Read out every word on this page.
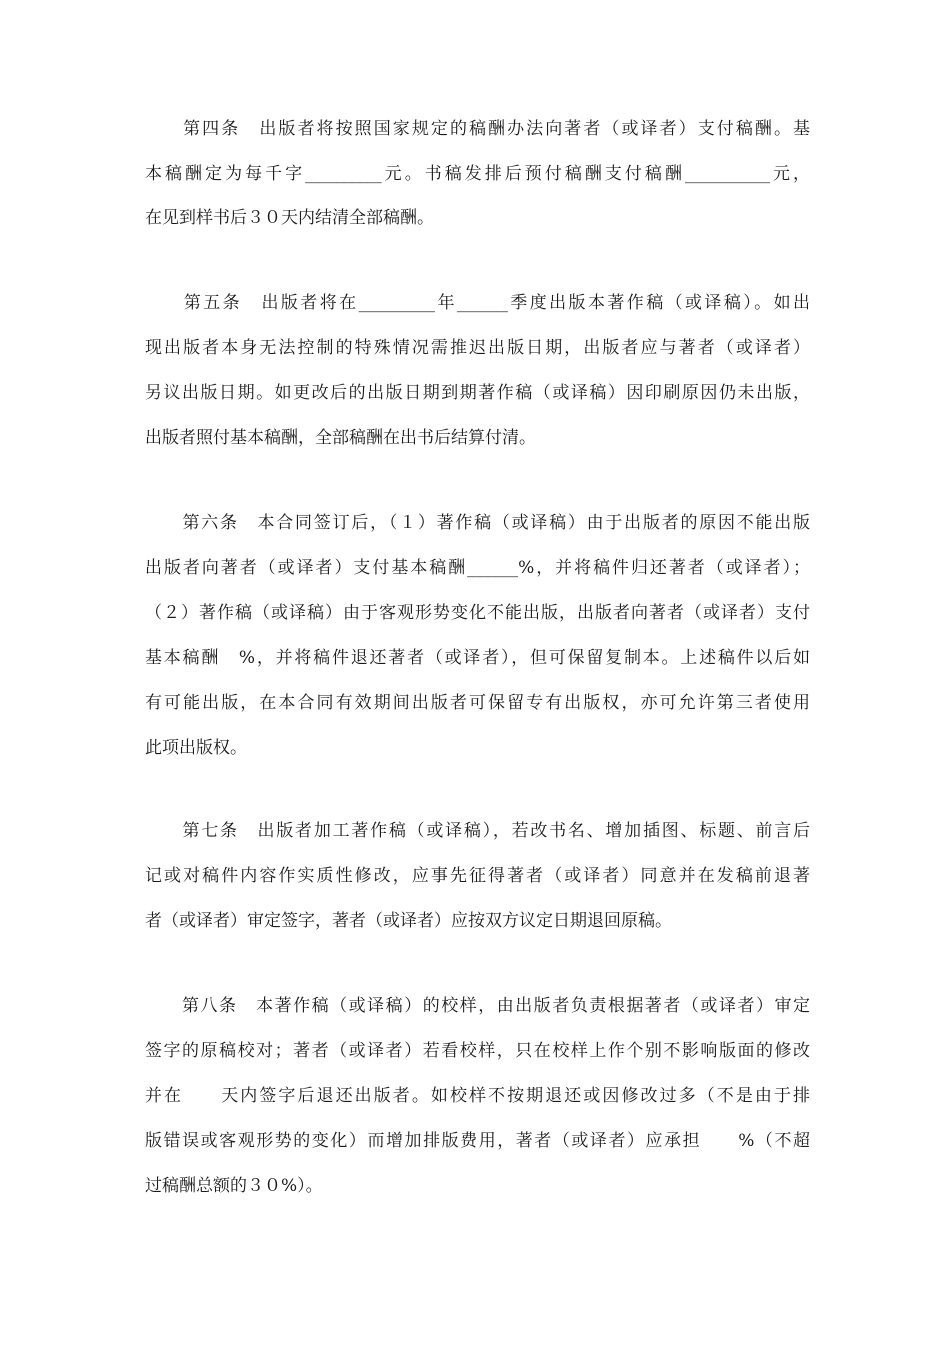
　　第四条　出版者将按照国家规定的稿酬办法向著者（或译者）支付稿酬。基
本稿酬定为每千字_________元。书稿发排后预付稿酬支付稿酬__________元，
在见到样书后３０天内结清全部稿酬。
　　第五条　出版者将在_________年______季度出版本著作稿（或译稿）。如出
现出版者本身无法控制的特殊情况需推迟出版日期，出版者应与著者（或译者）
另议出版日期。如更改后的出版日期到期著作稿（或译稿）因印刷原因仍未出版，
出版者照付基本稿酬，全部稿酬在出书后结算付清。
　　第六条　本合同签订后，（１）著作稿（或译稿）由于出版者的原因不能出版
出版者向著者（或译者）支付基本稿酬______%，并将稿件归还著者（或译者）；
（２）著作稿（或译稿）由于客观形势变化不能出版，出版者向著者（或译者）支付
基本稿酬　%，并将稿件退还著者（或译者），但可保留复制本。上述稿件以后如
有可能出版，在本合同有效期间出版者可保留专有出版权，亦可允许第三者使用
此项出版权。
　　第七条　出版者加工著作稿（或译稿），若改书名、增加插图、标题、前言后
记或对稿件内容作实质性修改，应事先征得著者（或译者）同意并在发稿前退著
者（或译者）审定签字，著者（或译者）应按双方议定日期退回原稿。
　　第八条　本著作稿（或译稿）的校样，由出版者负责根据著者（或译者）审定
签字的原稿校对；著者（或译者）若看校样，只在校样上作个别不影响版面的修改
并在　　天内签字后退还出版者。如校样不按期退还或因修改过多（不是由于排
版错误或客观形势的变化）而增加排版费用，著者（或译者）应承担　　%（不超
过稿酬总额的３０%）。
